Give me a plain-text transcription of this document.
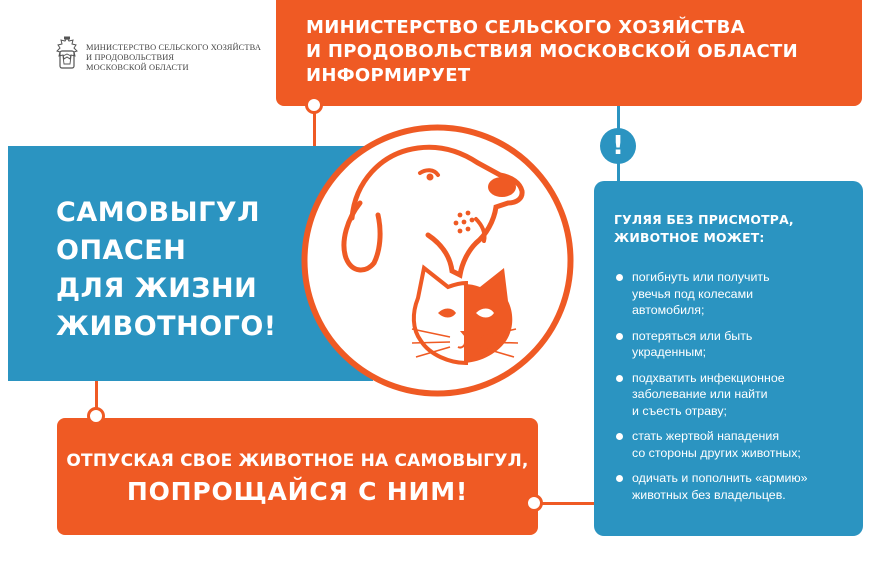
МИНИСТЕРСТВО СЕЛЬСКОГО ХОЗЯЙСТВА
И ПРОДОВОЛЬСТВИЯ
МОСКОВСКОЙ ОБЛАСТИ
МИНИСТЕРСТВО СЕЛЬСКОГО ХОЗЯЙСТВА
И ПРОДОВОЛЬСТВИЯ МОСКОВСКОЙ ОБЛАСТИ
ИНФОРМИРУЕТ
САМОВЫГУЛ
ОПАСЕН
ДЛЯ ЖИЗНИ
ЖИВОТНОГО!
!
ГУЛЯЯ БЕЗ ПРИСМОТРА,
ЖИВОТНОЕ МОЖЕТ:
погибнуть или получить
увечья под колесами
автомобиля;
потеряться или быть
украденным;
подхватить инфекционное
заболевание или найти
и съесть отраву;
стать жертвой нападения
со стороны других животных;
одичать и пополнить «армию»
животных без владельцев.
ОТПУСКАЯ СВОЕ ЖИВОТНОЕ НА САМОВЫГУЛ,
ПОПРОЩАЙСЯ С НИМ!
